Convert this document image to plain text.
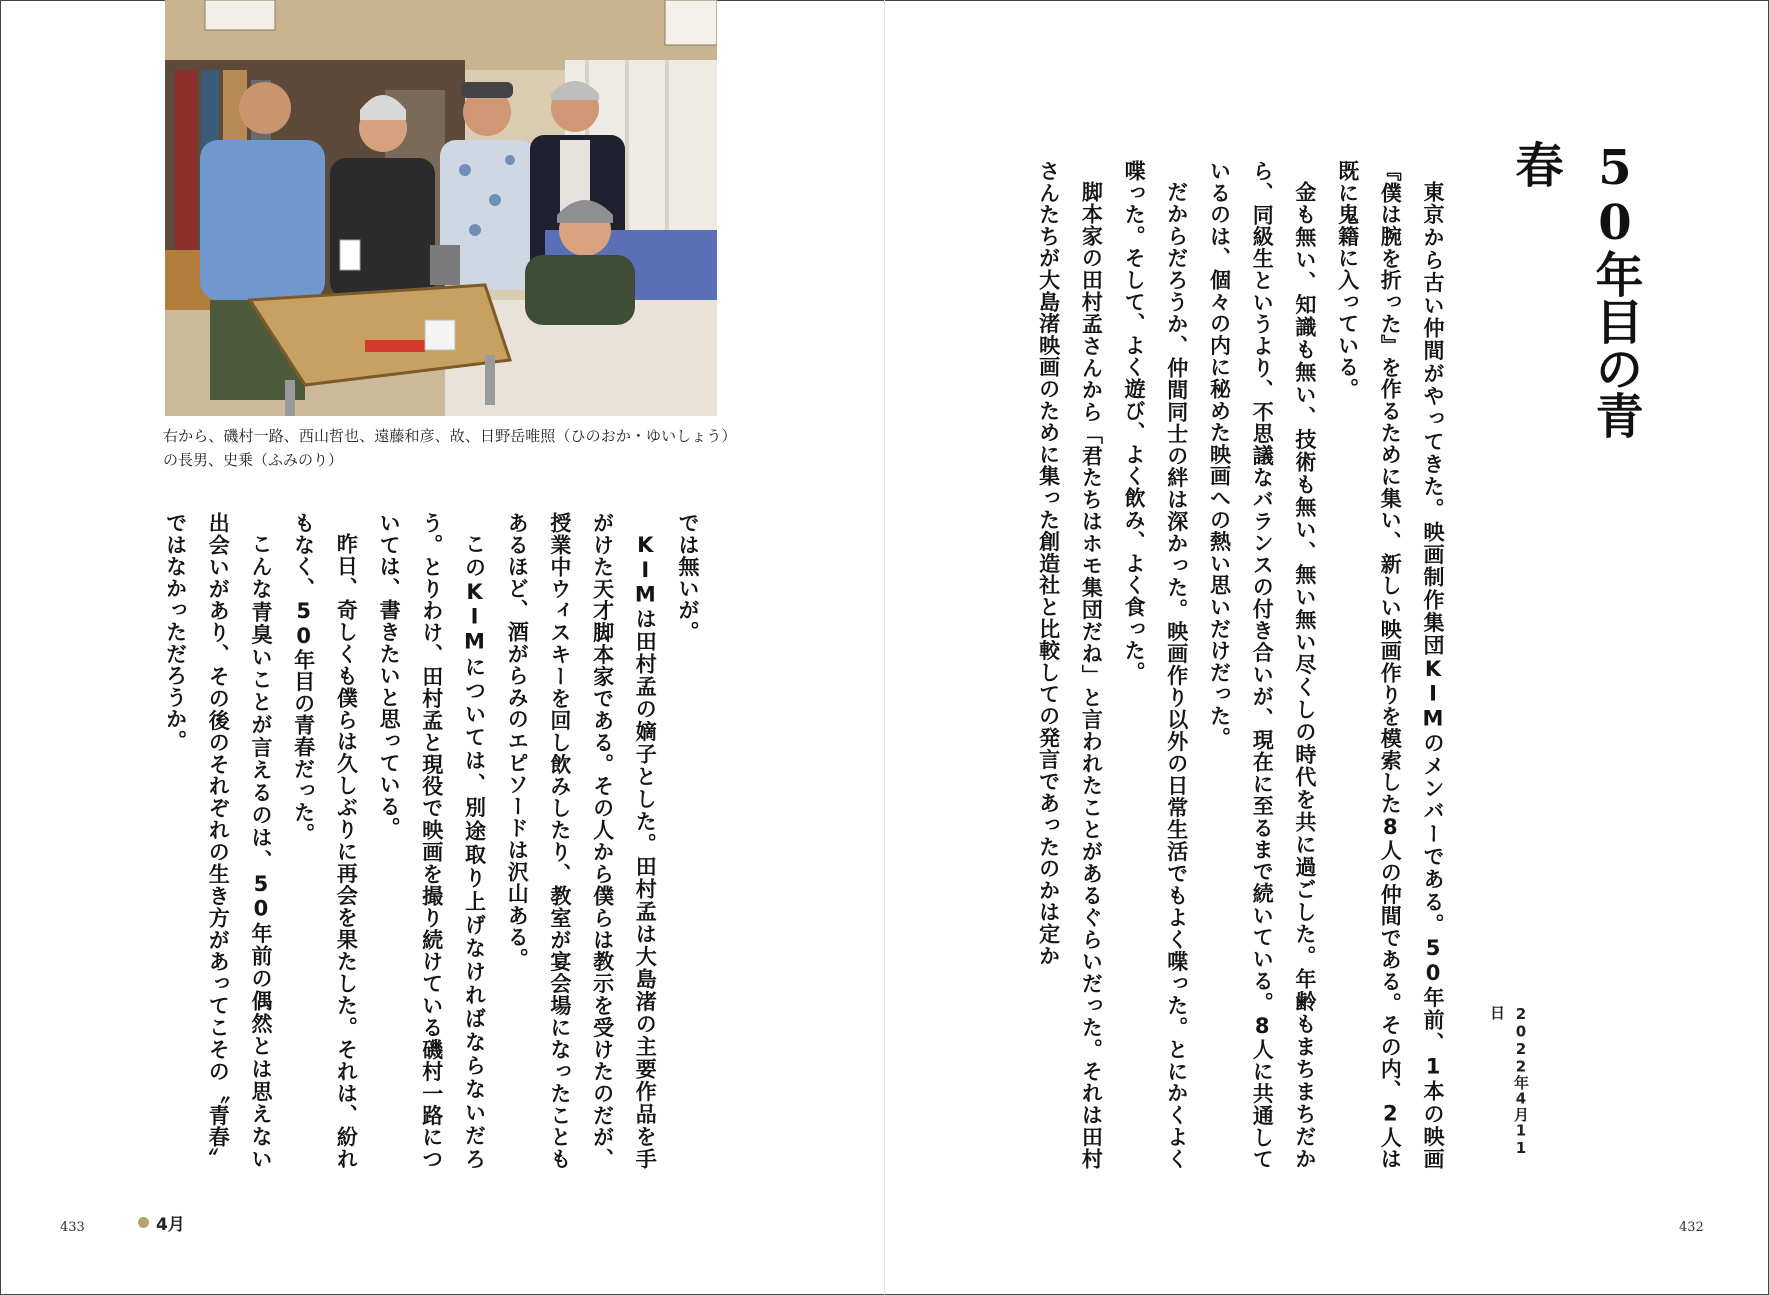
右から、磯村一路、西山哲也、遠藤和彦、故、日野岳唯照（ひのおか・ゆいしょう）の長男、史乗（ふみのり）
50年目の青春
2022年4月11日

東京から古い仲間がやってきた。映画制作集団KIMのメンバーである。50年前、1本の映画『僕は腕を折った』を作るために集い、新しい映画作りを模索した8人の仲間である。その内、2人は既に鬼籍に入っている。

金も無い、知識も無い、技術も無い、無い無い尽くしの時代を共に過ごした。年齢もまちまちだから、同級生というより、不思議なバランスの付き合いが、現在に至るまで続いている。8人に共通しているのは、個々の内に秘めた映画への熱い思いだけだった。

だからだろうか、仲間同士の絆は深かった。映画作り以外の日常生活でもよく喋った。とにかくよく喋った。そして、よく遊び、よく飲み、よく食った。

脚本家の田村孟さんから「君たちはホモ集団だね」と言われたことがあるぐらいだった。それは田村さんたちが大島渚映画のために集った創造社と比較しての発言であったのかは定か

では無いが。

KIMは田村孟の嫡子とした。田村孟は大島渚の主要作品を手がけた天才脚本家である。その人から僕らは教示を受けたのだが、授業中ウィスキーを回し飲みしたり、教室が宴会場になったこともあるほど、酒がらみのエピソードは沢山ある。

このKIMについては、別途取り上げなければならないだろう。とりわけ、田村孟と現役で映画を撮り続けている磯村一路については、書きたいと思っている。

昨日、奇しくも僕らは久しぶりに再会を果たした。それは、紛れもなく、50年目の青春だった。

こんな青臭いことが言えるのは、50年前の偶然とは思えない出会いがあり、その後のそれぞれの生き方があってこその〝青春〟ではなかっただろうか。

433	4月	432
